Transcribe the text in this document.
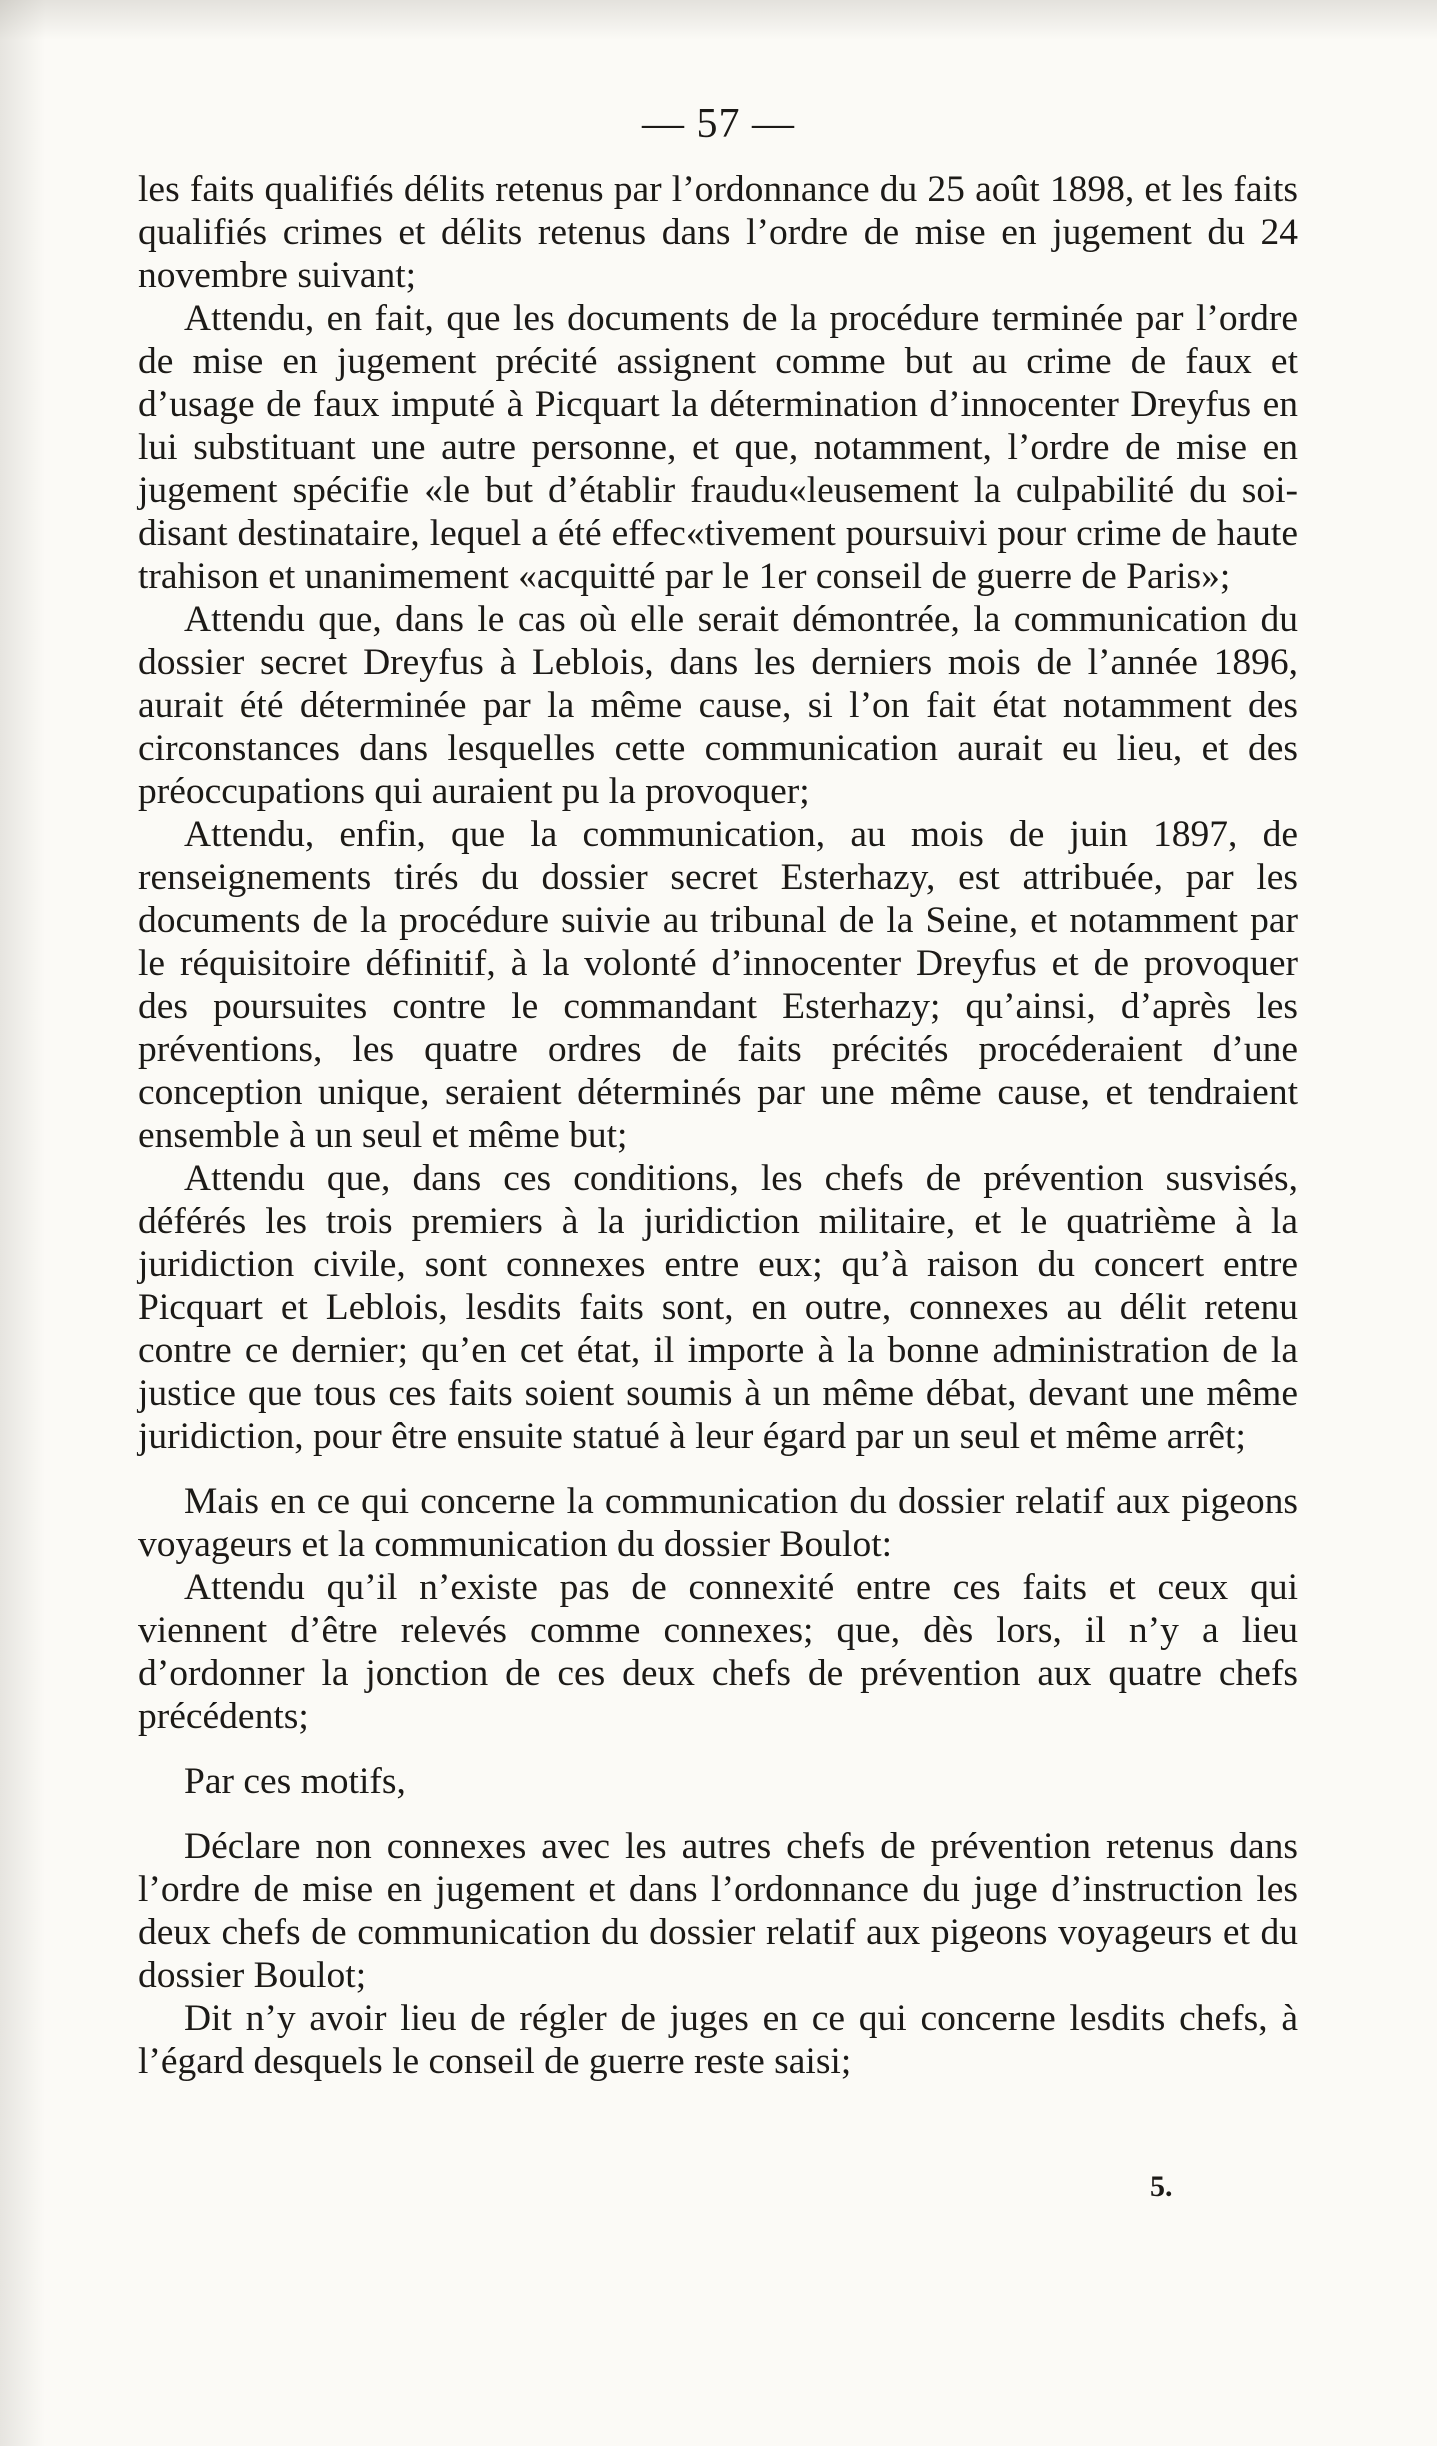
— 57 —

les faits qualifiés délits retenus par l’ordonnance du 25 août 1898, et les faits qualifiés crimes et délits retenus dans l’ordre de mise en jugement du 24 novembre suivant;

Attendu, en fait, que les documents de la procédure terminée par l’ordre de mise en jugement précité assignent comme but au crime de faux et d’usage de faux imputé à Picquart la détermination d’innocenter Dreyfus en lui substituant une autre personne, et que, notamment, l’ordre de mise en jugement spécifie «le but d’établir fraudu«leusement la culpabilité du soi-disant destinataire, lequel a été effec«tivement poursuivi pour crime de haute trahison et unanimement «acquitté par le 1er conseil de guerre de Paris»;

Attendu que, dans le cas où elle serait démontrée, la communication du dossier secret Dreyfus à Leblois, dans les derniers mois de l’année 1896, aurait été déterminée par la même cause, si l’on fait état notamment des circonstances dans lesquelles cette communication aurait eu lieu, et des préoccupations qui auraient pu la provoquer;

Attendu, enfin, que la communication, au mois de juin 1897, de renseignements tirés du dossier secret Esterhazy, est attribuée, par les documents de la procédure suivie au tribunal de la Seine, et notamment par le réquisitoire définitif, à la volonté d’innocenter Dreyfus et de provoquer des poursuites contre le commandant Esterhazy; qu’ainsi, d’après les préventions, les quatre ordres de faits précités procéderaient d’une conception unique, seraient déterminés par une même cause, et tendraient ensemble à un seul et même but;

Attendu que, dans ces conditions, les chefs de prévention susvisés, déférés les trois premiers à la juridiction militaire, et le quatrième à la juridiction civile, sont connexes entre eux; qu’à raison du concert entre Picquart et Leblois, lesdits faits sont, en outre, connexes au délit retenu contre ce dernier; qu’en cet état, il importe à la bonne administration de la justice que tous ces faits soient soumis à un même débat, devant une même juridiction, pour être ensuite statué à leur égard par un seul et même arrêt;

Mais en ce qui concerne la communication du dossier relatif aux pigeons voyageurs et la communication du dossier Boulot:

Attendu qu’il n’existe pas de connexité entre ces faits et ceux qui viennent d’être relevés comme connexes; que, dès lors, il n’y a lieu d’ordonner la jonction de ces deux chefs de prévention aux quatre chefs précédents;

Par ces motifs,

Déclare non connexes avec les autres chefs de prévention retenus dans l’ordre de mise en jugement et dans l’ordonnance du juge d’instruction les deux chefs de communication du dossier relatif aux pigeons voyageurs et du dossier Boulot;

Dit n’y avoir lieu de régler de juges en ce qui concerne lesdits chefs, à l’égard desquels le conseil de guerre reste saisi;

5.
